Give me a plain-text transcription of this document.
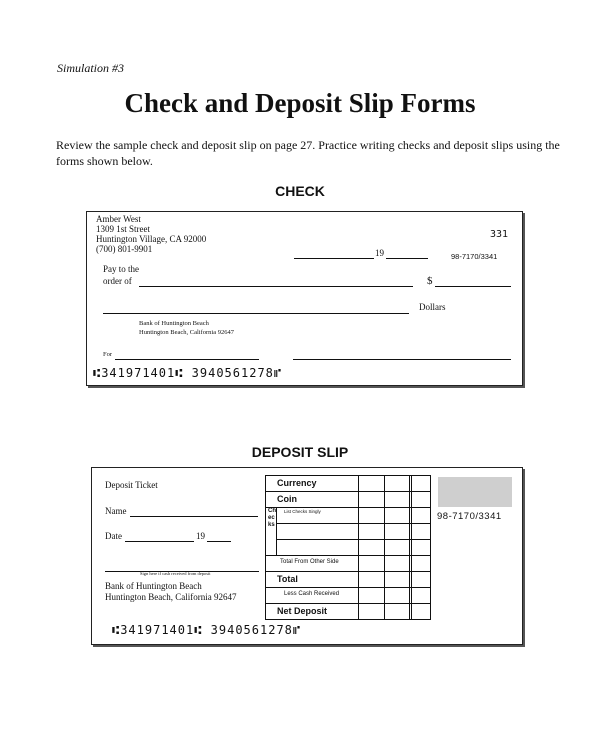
Simulation #3
Check and Deposit Slip Forms
Review the sample check and deposit slip on page 27. Practice writing checks and deposit slips using the forms shown below.
CHECK
Amber West
1309 1st Street
Huntington Village, CA 92000
(700) 801-9901
331
19	98-7170/3341
Pay to the
order of	$
Dollars
Bank of Huntington Beach
Huntington Beach, California 92647
For
⑆341971401⑆ 3940561278⑈
DEPOSIT SLIP
Deposit Ticket
Name
Date	19
Sign here if cash received from deposit
Bank of Huntington Beach
Huntington Beach, California 92647
Currency
Coin
Checks
List Checks Singly
Total From Other Side
Total
Less Cash Received
Net Deposit
98-7170/3341
⑆341971401⑆ 3940561278⑈
